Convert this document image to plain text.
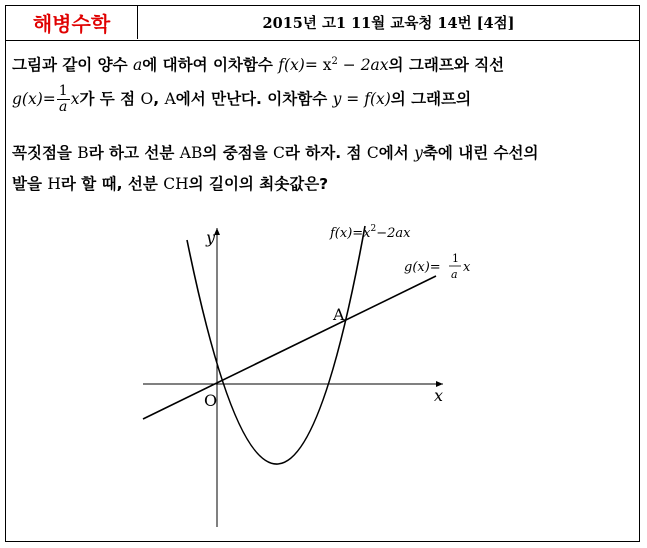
해병수학	2015년 고1 11월 교육청 14번 [4점]
그림과 같이 양수 a에 대하여 이차함수 $f(x)= x^2 - 2ax$의 그래프와 직선
$g(x)= \frac{1}{a}$ x가 두 점 O, A에서 만난다. 이차함수 y = f(x)의 그래프의
꼭짓점을 B라 하고 선분 AB의 중점을 C라 하자. 점 C에서 y축에 내린 수선의
발을 H라 할 때, 선분 CH의 길이의 최솟값은?
y
x
O
A
$f(x)=x^2-2ax$
g(x)=
1
a x
